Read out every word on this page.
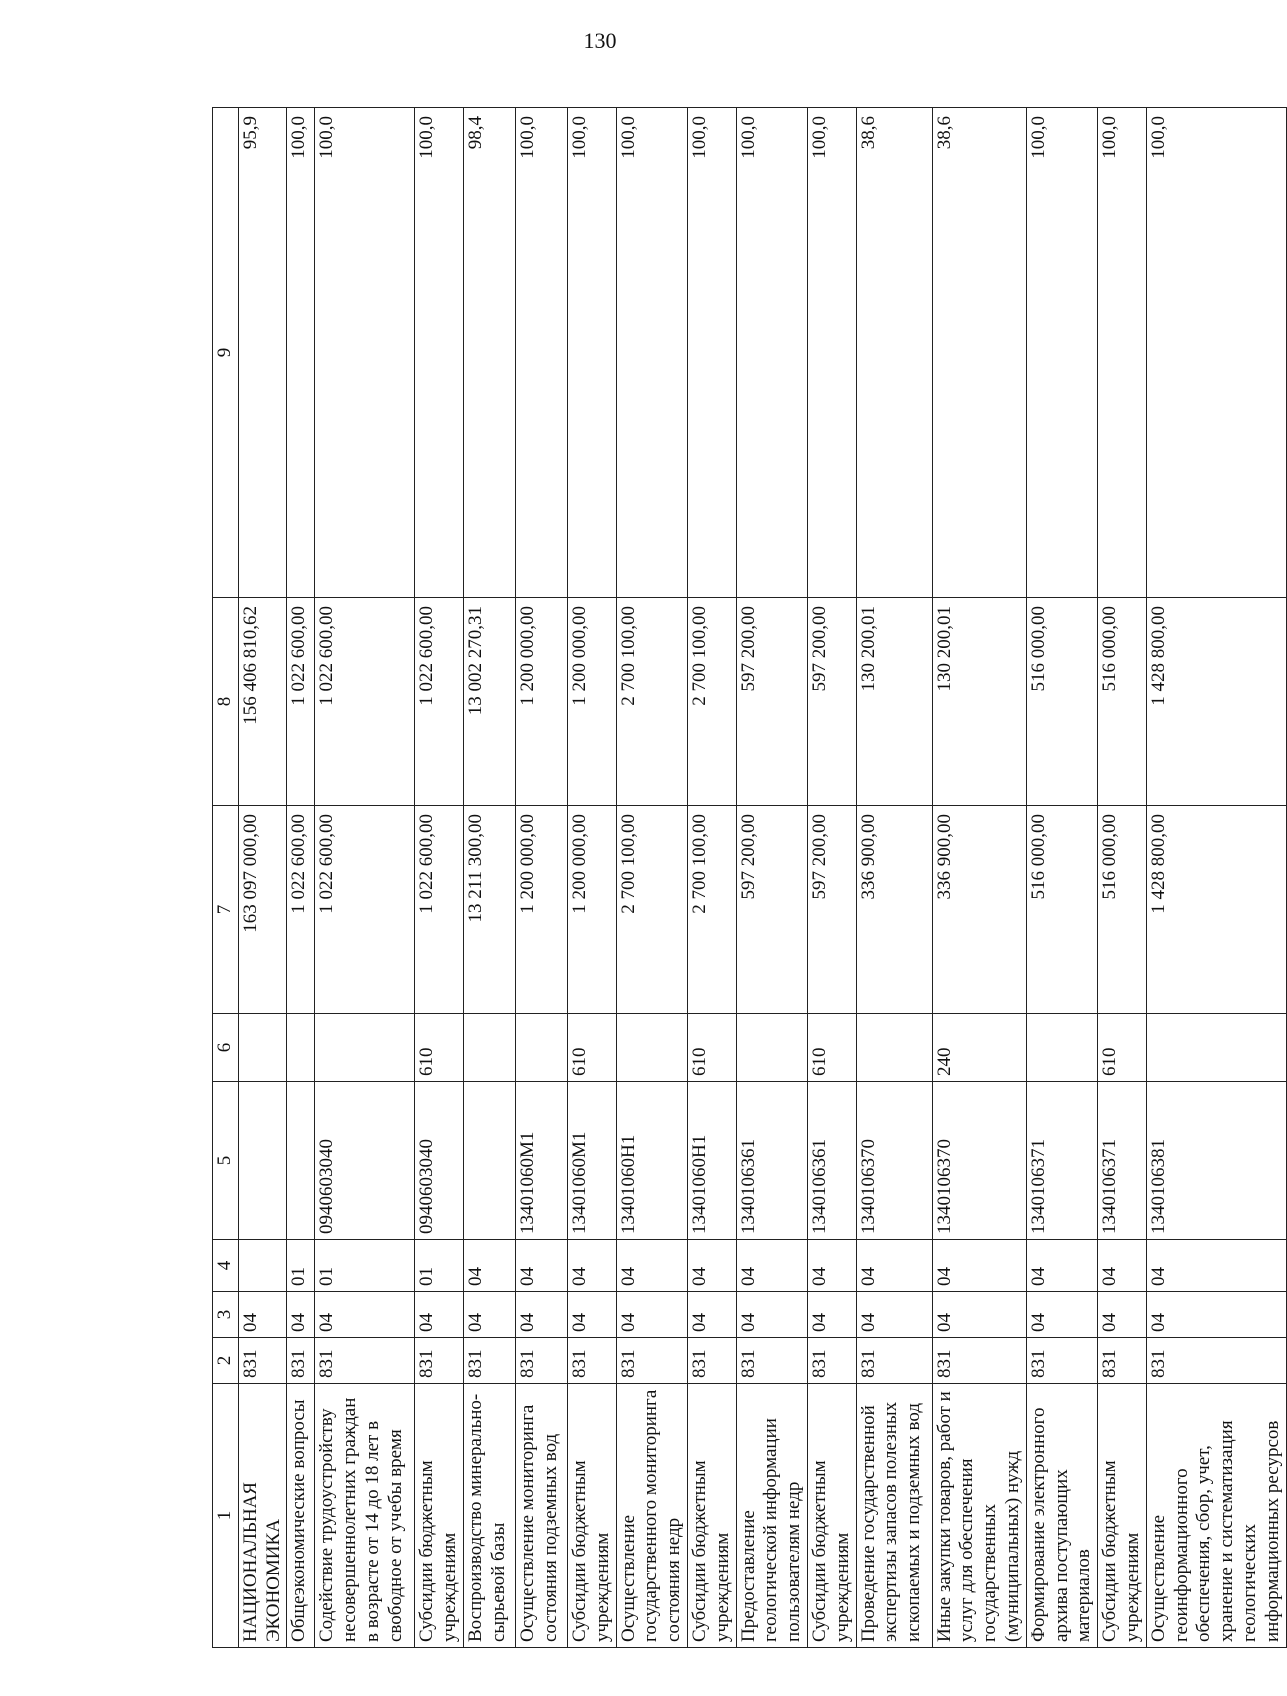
130
1	2	3	4	5	6	7	8	9
НАЦИОНАЛЬНАЯ ЭКОНОМИКА	831	04				163 097 000,00	156 406 810,62	95,9
Общеэкономические вопросы	831	04	01			1 022 600,00	1 022 600,00	100,0
Содействие трудоустройству несовершеннолетних граждан в возрасте от 14 до 18 лет в свободное от учебы время	831	04	01	0940603040		1 022 600,00	1 022 600,00	100,0
Субсидии бюджетным учреждениям	831	04	01	0940603040	610	1 022 600,00	1 022 600,00	100,0
Воспроизводство минерально-сырьевой базы	831	04	04			13 211 300,00	13 002 270,31	98,4
Осуществление мониторинга состояния подземных вод	831	04	04	13401060М1		1 200 000,00	1 200 000,00	100,0
Субсидии бюджетным учреждениям	831	04	04	13401060М1	610	1 200 000,00	1 200 000,00	100,0
Осуществление государственного мониторинга состояния недр	831	04	04	13401060Н1		2 700 100,00	2 700 100,00	100,0
Субсидии бюджетным учреждениям	831	04	04	13401060Н1	610	2 700 100,00	2 700 100,00	100,0
Предоставление геологической информации пользователям недр	831	04	04	1340106361		597 200,00	597 200,00	100,0
Субсидии бюджетным учреждениям	831	04	04	1340106361	610	597 200,00	597 200,00	100,0
Проведение государственной экспертизы запасов полезных ископаемых и подземных вод	831	04	04	1340106370		336 900,00	130 200,01	38,6
Иные закупки товаров, работ и услуг для обеспечения государственных (муниципальных) нужд	831	04	04	1340106370	240	336 900,00	130 200,01	38,6
Формирование электронного архива поступающих материалов	831	04	04	1340106371		516 000,00	516 000,00	100,0
Субсидии бюджетным учреждениям	831	04	04	1340106371	610	516 000,00	516 000,00	100,0
Осуществление геоинформационного обеспечения, сбор, учет, хранение и систематизация геологических информационных ресурсов	831	04	04	1340106381		1 428 800,00	1 428 800,00	100,0
